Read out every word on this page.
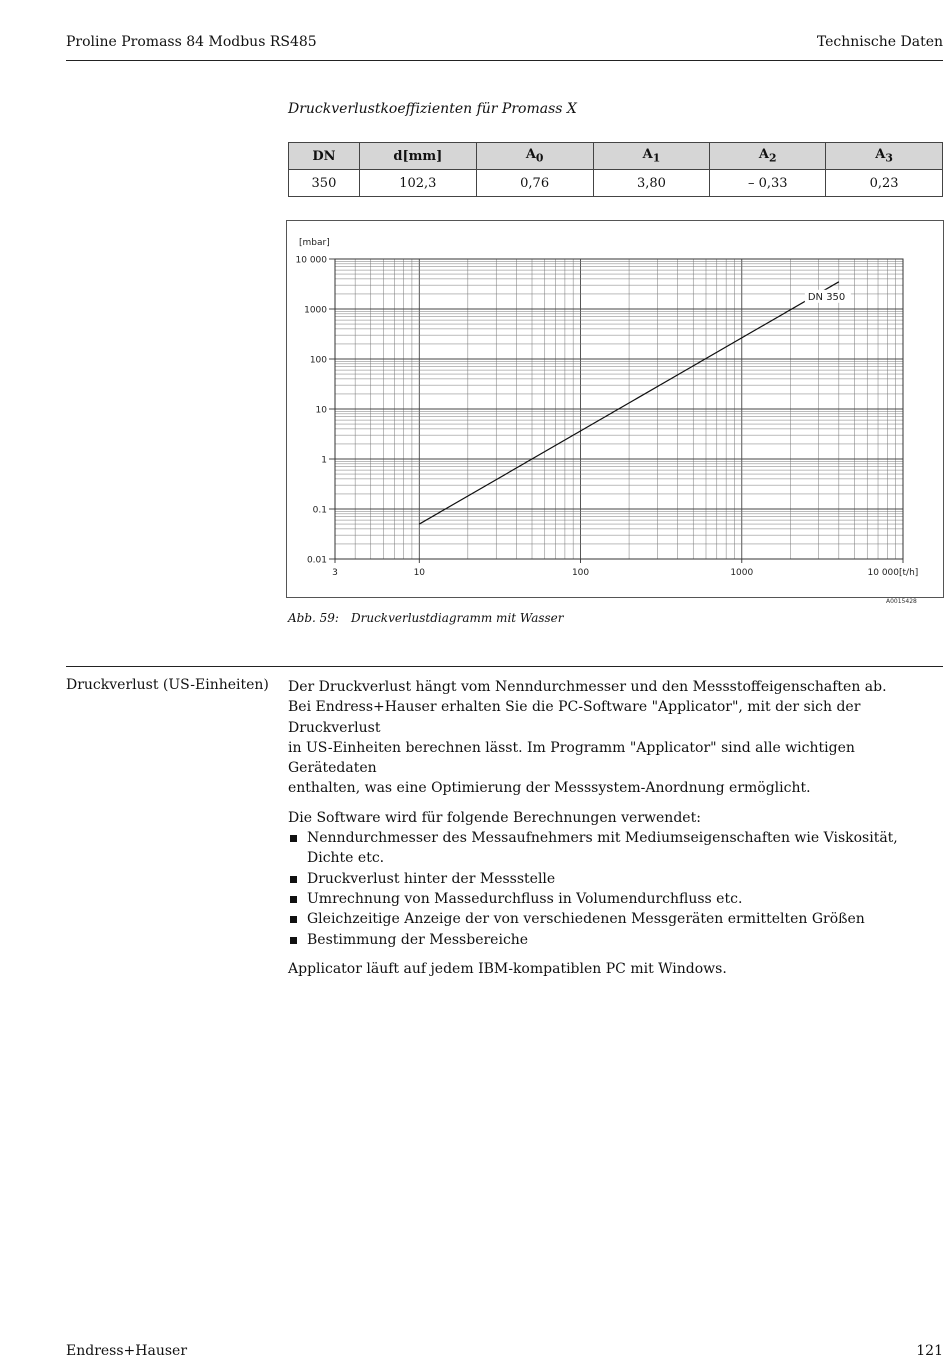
Proline Promass 84 Modbus RS485	Technische Daten
Druckverlustkoeffizienten für Promass X
DN	d[mm]	$A_0$	$A_1$	$A_2$	$A_3$
350	102,3	0,76	3,80	– 0,33	0,23
0.01
0.1
1
10
100
1000
10 000
[mbar]
3	10	100	1000	10 000 [t/h]
DN 350
A0015428
Abb. 59: Druckverlustdiagramm mit Wasser
Druckverlust (US-Einheiten) Der Druckverlust hängt vom Nenndurchmesser und den Messstoffeigenschaften ab.
Bei Endress+Hauser erhalten Sie die PC-Software "Applicator", mit der sich der Druckverlust
in US-Einheiten berechnen lässt. Im Programm "Applicator" sind alle wichtigen Gerätedaten
enthalten, was eine Optimierung der Messsystem-Anordnung ermöglicht.

Die Software wird für folgende Berechnungen verwendet:
Nenndurchmesser des Messaufnehmers mit Mediumseigenschaften wie Viskosität, Dichte etc.
Druckverlust hinter der Messstelle
Umrechnung von Massedurchfluss in Volumendurchfluss etc.
Gleichzeitige Anzeige der von verschiedenen Messgeräten ermittelten Größen
Bestimmung der Messbereiche

Applicator läuft auf jedem IBM-kompatiblen PC mit Windows.

Endress+Hauser	121
